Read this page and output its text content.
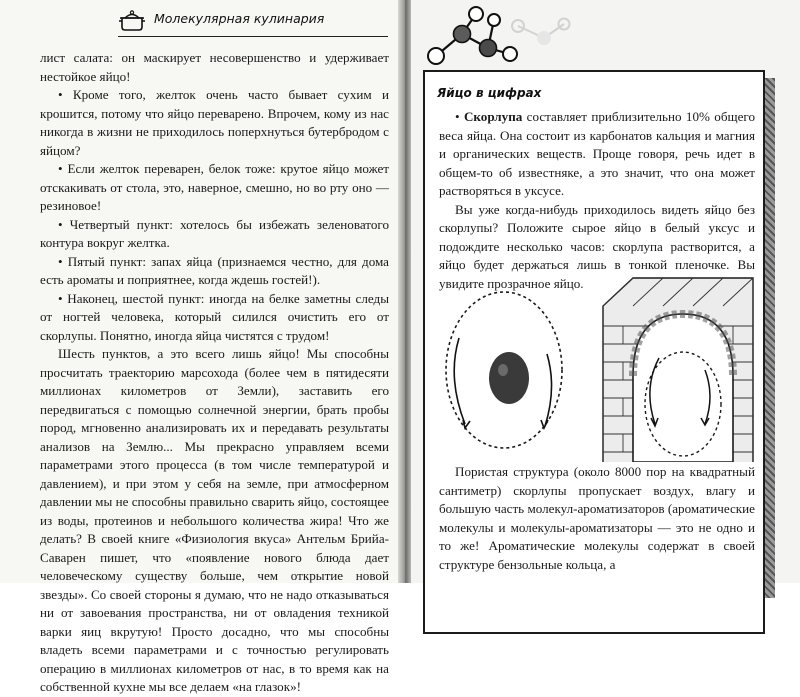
Молекулярная кулинария

лист салата: он маскирует несовершенство и удерживает нестойкое яйцо!

• Кроме того, желток очень часто бывает сухим и крошится, потому что яйцо переварено. Впрочем, кому из нас никогда в жизни не приходилось поперхнуться бутербродом с яйцом?

• Если желток переварен, белок тоже: крутое яйцо может отскакивать от стола, это, наверное, смешно, но во рту оно — резиновое!

• Четвертый пункт: хотелось бы избежать зеленоватого контура вокруг желтка.

• Пятый пункт: запах яйца (признаемся честно, для дома есть ароматы и поприятнее, когда ждешь гостей!).

• Наконец, шестой пункт: иногда на белке заметны следы от ногтей человека, который силился очистить его от скорлупы. Понятно, иногда яйца чистятся с трудом!

Шесть пунктов, а это всего лишь яйцо! Мы способны просчитать траекторию марсохода (более чем в пятидесяти миллионах километров от Земли), заставить его передвигаться с помощью солнечной энергии, брать пробы пород, мгновенно анализировать их и передавать результаты анализов на Землю... Мы прекрасно управляем всеми параметрами этого процесса (в том числе температурой и давлением), и при этом у себя на земле, при атмосферном давлении мы не способны правильно сварить яйцо, состоящее из воды, протеинов и небольшого количества жира! Что же делать? В своей книге «Физиология вкуса» Антельм Брийа-Саварен пишет, что «появление нового блюда дает человеческому существу больше, чем открытие новой звезды». Со своей стороны я думаю, что не надо отказываться ни от завоевания пространства, ни от овладения техникой варки яиц вкрутую! Просто досадно, что мы способны владеть всеми параметрами и с точностью регулировать операцию в миллионах километров от нас, в то время как на собственной кухне мы все делаем «на глазок»!

Яйцо в цифрах

• Скорлупа составляет приблизительно 10% общего веса яйца. Она состоит из карбонатов кальция и магния и органических веществ. Проще говоря, речь идет в общем-то об известняке, а это значит, что она может растворяться в уксусе.

Вы уже когда-нибудь приходилось видеть яйцо без скорлупы? Положите сырое яйцо в белый уксус и подождите несколько часов: скорлупа растворится, а яйцо будет держаться лишь в тонкой пленочке. Вы увидите прозрачное яйцо.

Пористая структура (около 8000 пор на квадратный сантиметр) скорлупы пропускает воздух, влагу и большую часть молекул-ароматизаторов (ароматические молекулы и молекулы-ароматизаторы — это не одно и то же! Ароматические молекулы содержат в своей структуре бензольные кольца, а
